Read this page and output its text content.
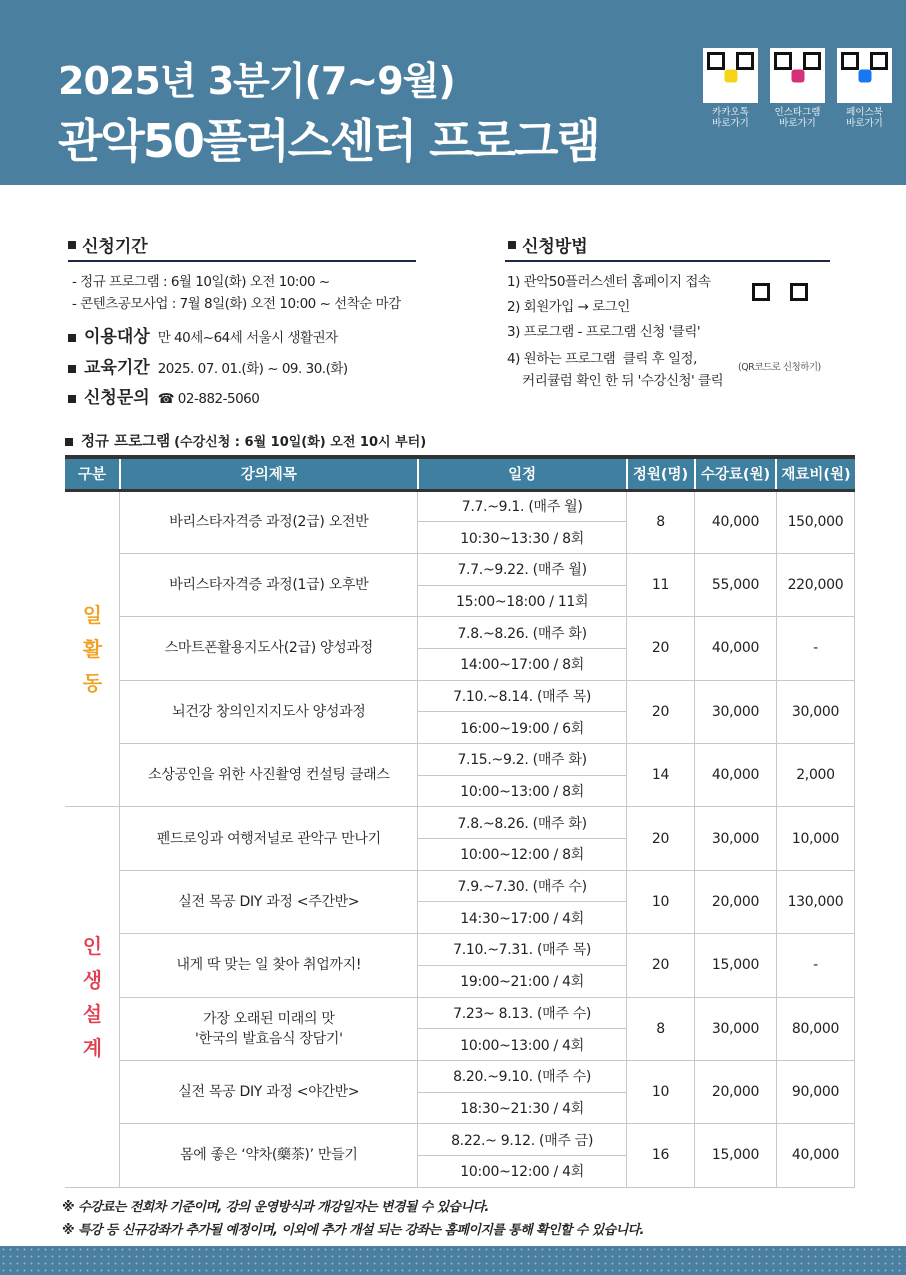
2025년 3분기(7~9월)
관악50플러스센터 프로그램
카카오톡
바로가기
인스타그램
바로가기
페이스북
바로가기
신청기간
- 정규 프로그램 : 6월 10일(화) 오전 10:00 ~
- 콘텐츠공모사업 : 7월 8일(화) 오전 10:00 ~ 선착순 마감
이용대상 만 40세~64세 서울시 생활권자
교육기간 2025. 07. 01.(화) ~ 09. 30.(화)
신청문의 ☎ 02-882-5060
신청방법
1) 관악50플러스센터 홈페이지 접속
2) 회원가입 → 로그인
3) 프로그램 - 프로그램 신청 '클릭'
4) 원하는 프로그램  클릭 후 일정,
커리큘럼 확인 한 뒤 '수강신청' 클릭
(QR코드로 신청하기)
정규 프로그램 (수강신청 : 6월 10일(화) 오전 10시 부터)
구분	강의제목	일정	정원(명)	수강료(원)	재료비(원)
일
활
동	바리스타자격증 과정(2급) 오전반	7.7.~9.1. (매주 월)	8	40,000	150,000
		10:30~13:30 / 8회			
	바리스타자격증 과정(1급) 오후반	7.7.~9.22. (매주 월)	11	55,000	220,000
		15:00~18:00 / 11회			
	스마트폰활용지도사(2급) 양성과정	7.8.~8.26. (매주 화)	20	40,000	-
		14:00~17:00 / 8회			
	뇌건강 창의인지지도사 양성과정	7.10.~8.14. (매주 목)	20	30,000	30,000
		16:00~19:00 / 6회			
	소상공인을 위한 사진촬영 컨설팅 클래스	7.15.~9.2. (매주 화)	14	40,000	2,000
		10:00~13:00 / 8회			
인
생
설
계	펜드로잉과 여행저널로 관악구 만나기	7.8.~8.26. (매주 화)	20	30,000	10,000
		10:00~12:00 / 8회			
	실전 목공 DIY 과정 <주간반>	7.9.~7.30. (매주 수)	10	20,000	130,000
		14:30~17:00 / 4회			
	내게 딱 맞는 일 찾아 취업까지!	7.10.~7.31. (매주 목)	20	15,000	-
		19:00~21:00 / 4회			
	가장 오래된 미래의 맛
'한국의 발효음식 장담기'	7.23~ 8.13. (매주 수)	8	30,000	80,000
		10:00~13:00 / 4회			
	실전 목공 DIY 과정 <야간반>	8.20.~9.10. (매주 수)	10	20,000	90,000
		18:30~21:30 / 4회			
	몸에 좋은 ‘약차(藥茶)’ 만들기	8.22.~ 9.12. (매주 금)	16	15,000	40,000
		10:00~12:00 / 4회			
※ 수강료는 전회차 기준이며, 강의 운영방식과 개강일자는 변경될 수 있습니다.
※ 특강 등 신규강좌가 추가될 예정이며, 이외에 추가 개설 되는 강좌는 홈페이지를 통해 확인할 수 있습니다.
